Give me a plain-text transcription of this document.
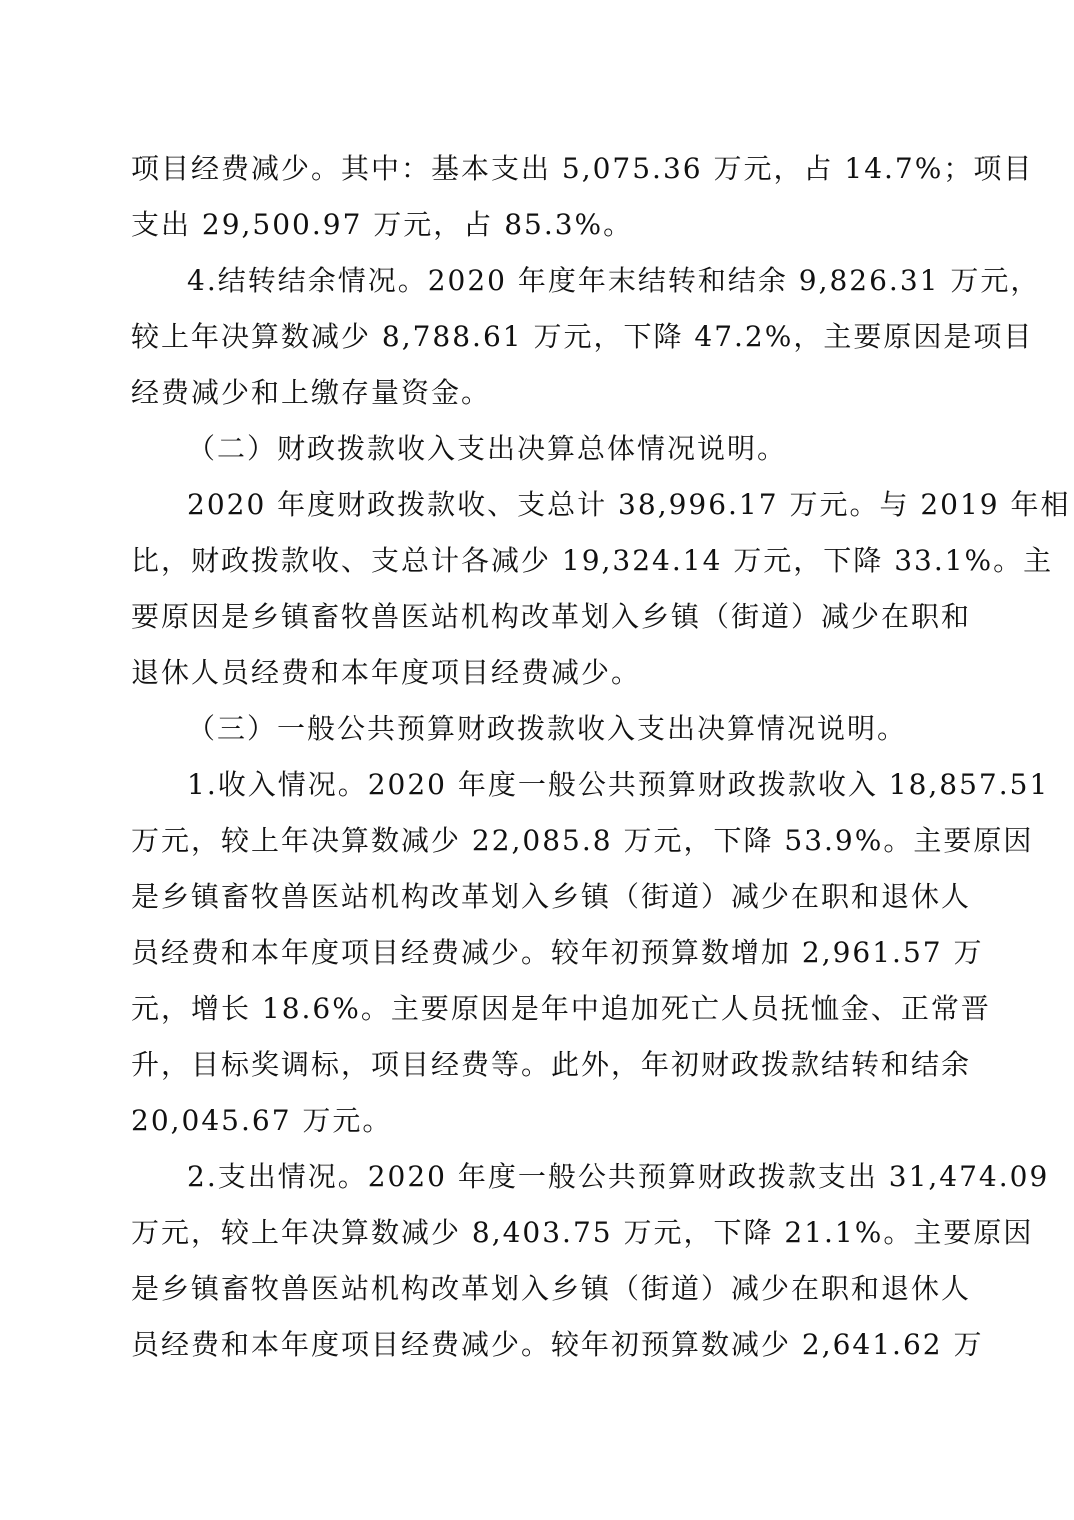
项目经费减少。其中：基本支出 5,075.36 万元，占 14.7%；项目
支出 29,500.97 万元，占 85.3%。
4.结转结余情况。2020 年度年末结转和结余 9,826.31 万元，
较上年决算数减少 8,788.61 万元，下降 47.2%，主要原因是项目
经费减少和上缴存量资金。
（二）财政拨款收入支出决算总体情况说明。
2020 年度财政拨款收、支总计 38,996.17 万元。与 2019 年相
比，财政拨款收、支总计各减少 19,324.14 万元，下降 33.1%。主
要原因是乡镇畜牧兽医站机构改革划入乡镇（街道）减少在职和
退休人员经费和本年度项目经费减少。
（三）一般公共预算财政拨款收入支出决算情况说明。
1.收入情况。2020 年度一般公共预算财政拨款收入 18,857.51
万元，较上年决算数减少 22,085.8 万元，下降 53.9%。主要原因
是乡镇畜牧兽医站机构改革划入乡镇（街道）减少在职和退休人
员经费和本年度项目经费减少。较年初预算数增加 2,961.57 万
元，增长 18.6%。主要原因是年中追加死亡人员抚恤金、正常晋
升，目标奖调标，项目经费等。此外，年初财政拨款结转和结余
20,045.67 万元。
2.支出情况。2020 年度一般公共预算财政拨款支出 31,474.09
万元，较上年决算数减少 8,403.75 万元，下降 21.1%。主要原因
是乡镇畜牧兽医站机构改革划入乡镇（街道）减少在职和退休人
员经费和本年度项目经费减少。较年初预算数减少 2,641.62 万
